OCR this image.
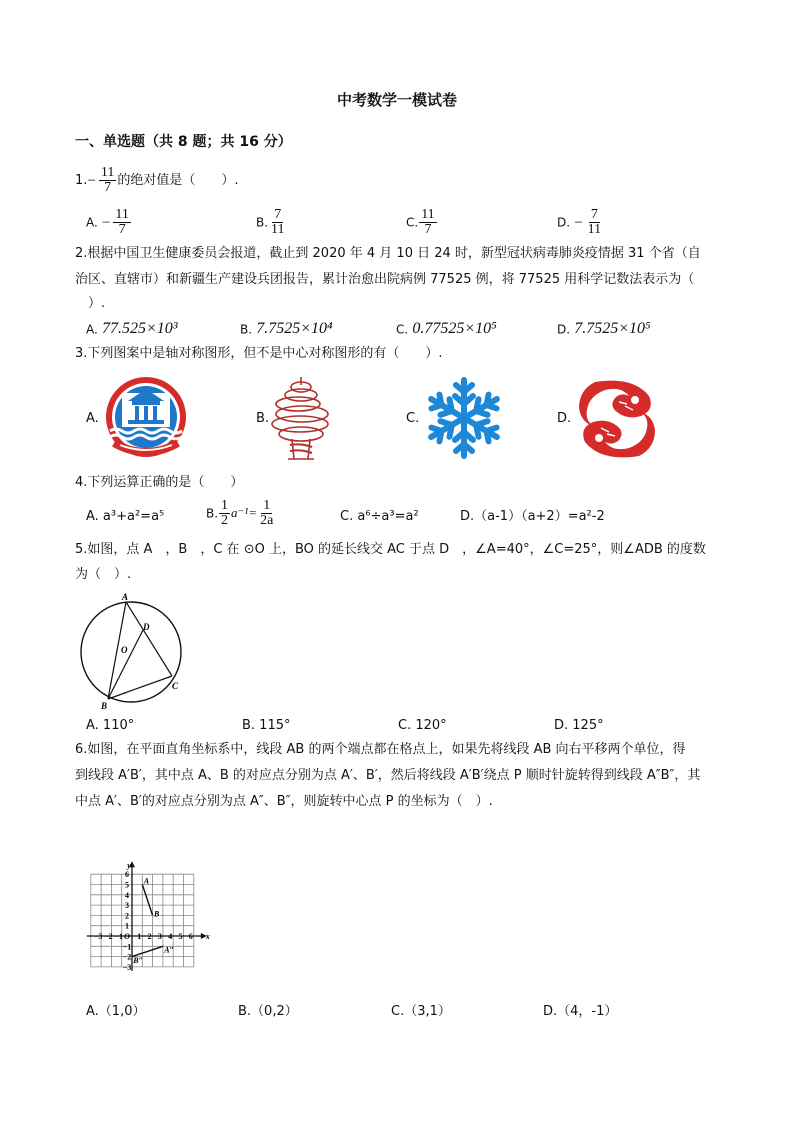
中考数学一模试卷
一、单选题（共 8 题；共 16 分）
$1.- \frac{11}{7}$ 的绝对值是（　　）.
A. − $\frac{11}{7}$	B. $\frac{7}{11}$	C. $\frac{11}{7}$	D. − $\frac{7}{11}$
2.根据中国卫生健康委员会报道，截止到 2020 年 4 月 10 日 24 时，新型冠状病毒肺炎疫情据 31 个省（自
治区、直辖市）和新疆生产建设兵团报告，累计治愈出院病例 77525 例，将 77525 用科学记数法表示为（
　）.
A. 77.525×10³	B. 7.7525×10⁴	C. 0.77525×10⁵	D. 7.7525×10⁵
3.下列图案中是轴对称图形，但不是中心对称图形的有（　　）.
A.	B.	C.	D.
4.下列运算正确的是（　　）
A. a³+a²=a⁵	B. $\frac{1}{2} a^{-1}= \frac{1}{2a}$	C. a⁶÷a³=a²	D.（a-1）（a+2）=a²-2
5.如图，点 A　，B　，C 在 ⊙O 上，BO 的延长线交 AC 于点 D　，∠A=40°，∠C=25°，则∠ADB 的度数
为（　）.
A
D
O
B
C
A. 110°	B. 115°	C. 120°	D. 125°
6.如图，在平面直角坐标系中，线段 AB 的两个端点都在格点上，如果先将线段 AB 向右平移两个单位，得
到线段 A′B′，其中点 A、B 的对应点分别为点 A′、B′，然后将线段 A′B′绕点 P 顺时针旋转得到线段 A″B″，其
中点 A′、B′的对应点分别为点 A″、B″，则旋转中心点 P 的坐标为（　）.
−3 −2 −1 1 2 3 4 5 6
6
5
4
3
2
1
−1
−2
−3
O	x
y
A
B
A″
B″
A.（1,0）	B.（0,2）	C.（3,1）	D.（4，-1）
